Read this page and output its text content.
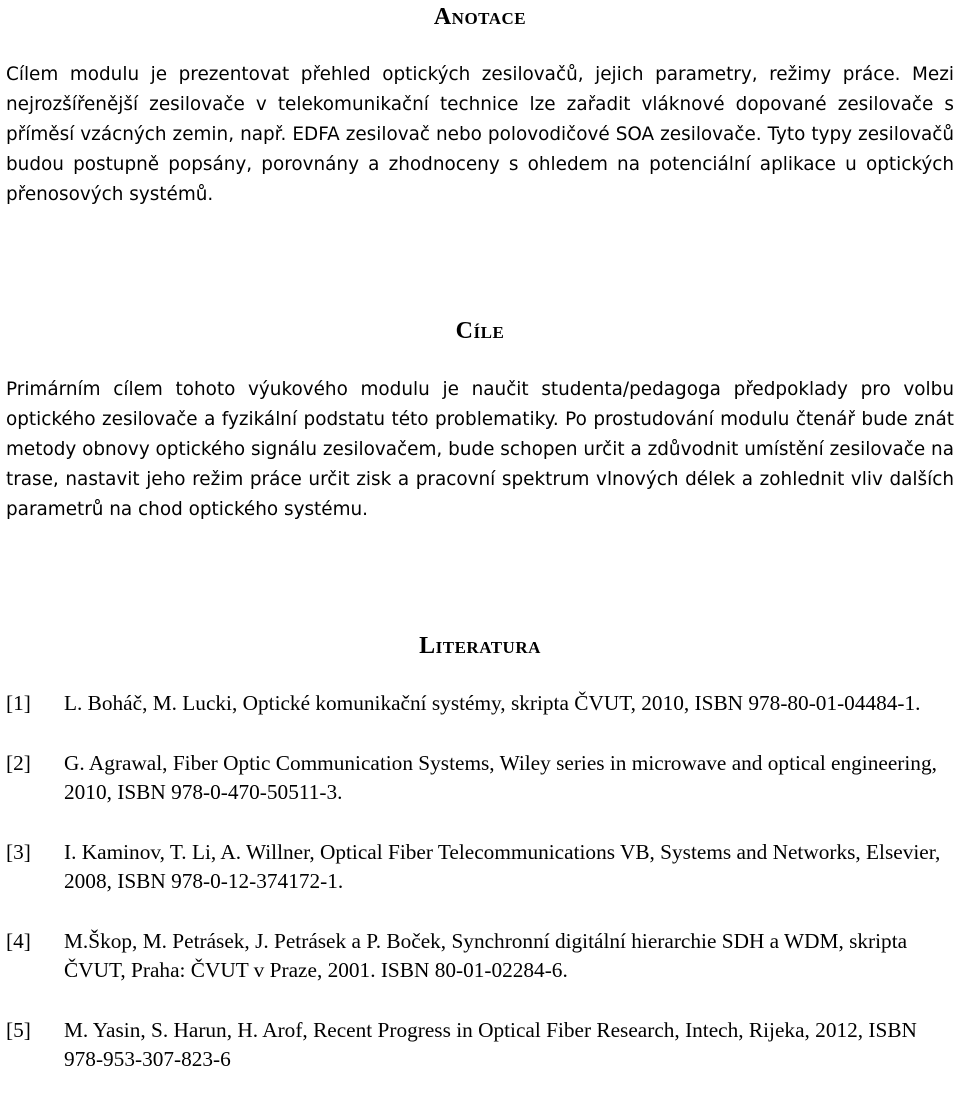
Anotace

Cílem modulu je prezentovat přehled optických zesilovačů, jejich parametry, režimy práce. Mezi nejrozšířenější zesilovače v telekomunikační technice lze zařadit vláknové dopované zesilovače s příměsí vzácných zemin, např. EDFA zesilovač nebo polovodičové SOA zesilovače. Tyto typy zesilovačů budou postupně popsány, porovnány a zhodnoceny s ohledem na potenciální aplikace u optických přenosových systémů.

Cíle

Primárním cílem tohoto výukového modulu je naučit studenta/pedagoga předpoklady pro volbu optického zesilovače a fyzikální podstatu této problematiky. Po prostudování modulu čtenář bude znát metody obnovy optického signálu zesilovačem, bude schopen určit a zdůvodnit umístění zesilovače na trase, nastavit jeho režim práce určit zisk a pracovní spektrum vlnových délek a zohlednit vliv dalších parametrů na chod optického systému.

Literatura
[1]	L. Boháč, M. Lucki, Optické komunikační systémy, skripta ČVUT, 2010, ISBN 978-80-01-04484-1.
[2]	G. Agrawal, Fiber Optic Communication Systems, Wiley series in microwave and optical engineering, 2010, ISBN 978-0-470-50511-3.
[3]	I. Kaminov, T. Li, A. Willner, Optical Fiber Telecommunications VB, Systems and Networks, Elsevier, 2008, ISBN 978-0-12-374172-1.
[4]	M.Škop, M. Petrásek, J. Petrásek a P. Boček, Synchronní digitální hierarchie SDH a WDM, skripta ČVUT, Praha: ČVUT v Praze, 2001. ISBN 80-01-02284-6.
[5]	M. Yasin, S. Harun, H. Arof, Recent Progress in Optical Fiber Research, Intech, Rijeka, 2012, ISBN 978-953-307-823-6
